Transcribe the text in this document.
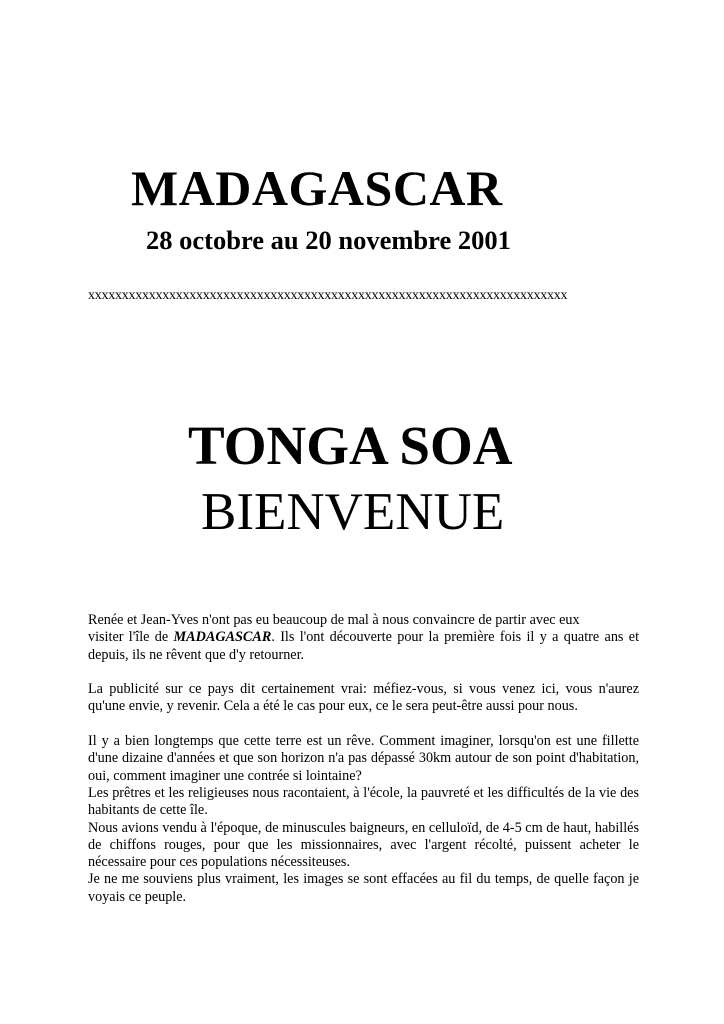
MADAGASCAR
28 octobre au 20 novembre 2001
xxxxxxxxxxxxxxxxxxxxxxxxxxxxxxxxxxxxxxxxxxxxxxxxxxxxxxxxxxxxxxxxxxxxxxx
TONGA SOA
BIENVENUE

Renée et Jean-Yves n'ont pas eu beaucoup de mal à nous convaincre de partir avec eux

visiter l'île de MADAGASCAR. Ils l'ont découverte pour la première fois il y a quatre ans et depuis, ils ne rêvent que d'y retourner.

La publicité sur ce pays dit certainement vrai: méfiez-vous, si vous venez ici, vous n'aurez qu'une envie, y revenir. Cela a été le cas pour eux, ce le sera peut-être aussi pour nous.

Il y a bien longtemps que cette terre est un rêve. Comment imaginer, lorsqu'on est une fillette d'une dizaine d'années et que son horizon n'a pas dépassé 30km autour de son point d'habitation, oui, comment imaginer une contrée si lointaine?

Les prêtres et les religieuses nous racontaient, à l'école, la pauvreté et les difficultés de la vie des habitants de cette île.

Nous avions vendu à l'époque, de minuscules baigneurs, en celluloïd, de 4-5 cm de haut, habillés de chiffons rouges, pour que les missionnaires, avec l'argent récolté, puissent acheter le nécessaire pour ces populations nécessiteuses.

Je ne me souviens plus vraiment, les images se sont effacées au fil du temps, de quelle façon je voyais ce peuple.
